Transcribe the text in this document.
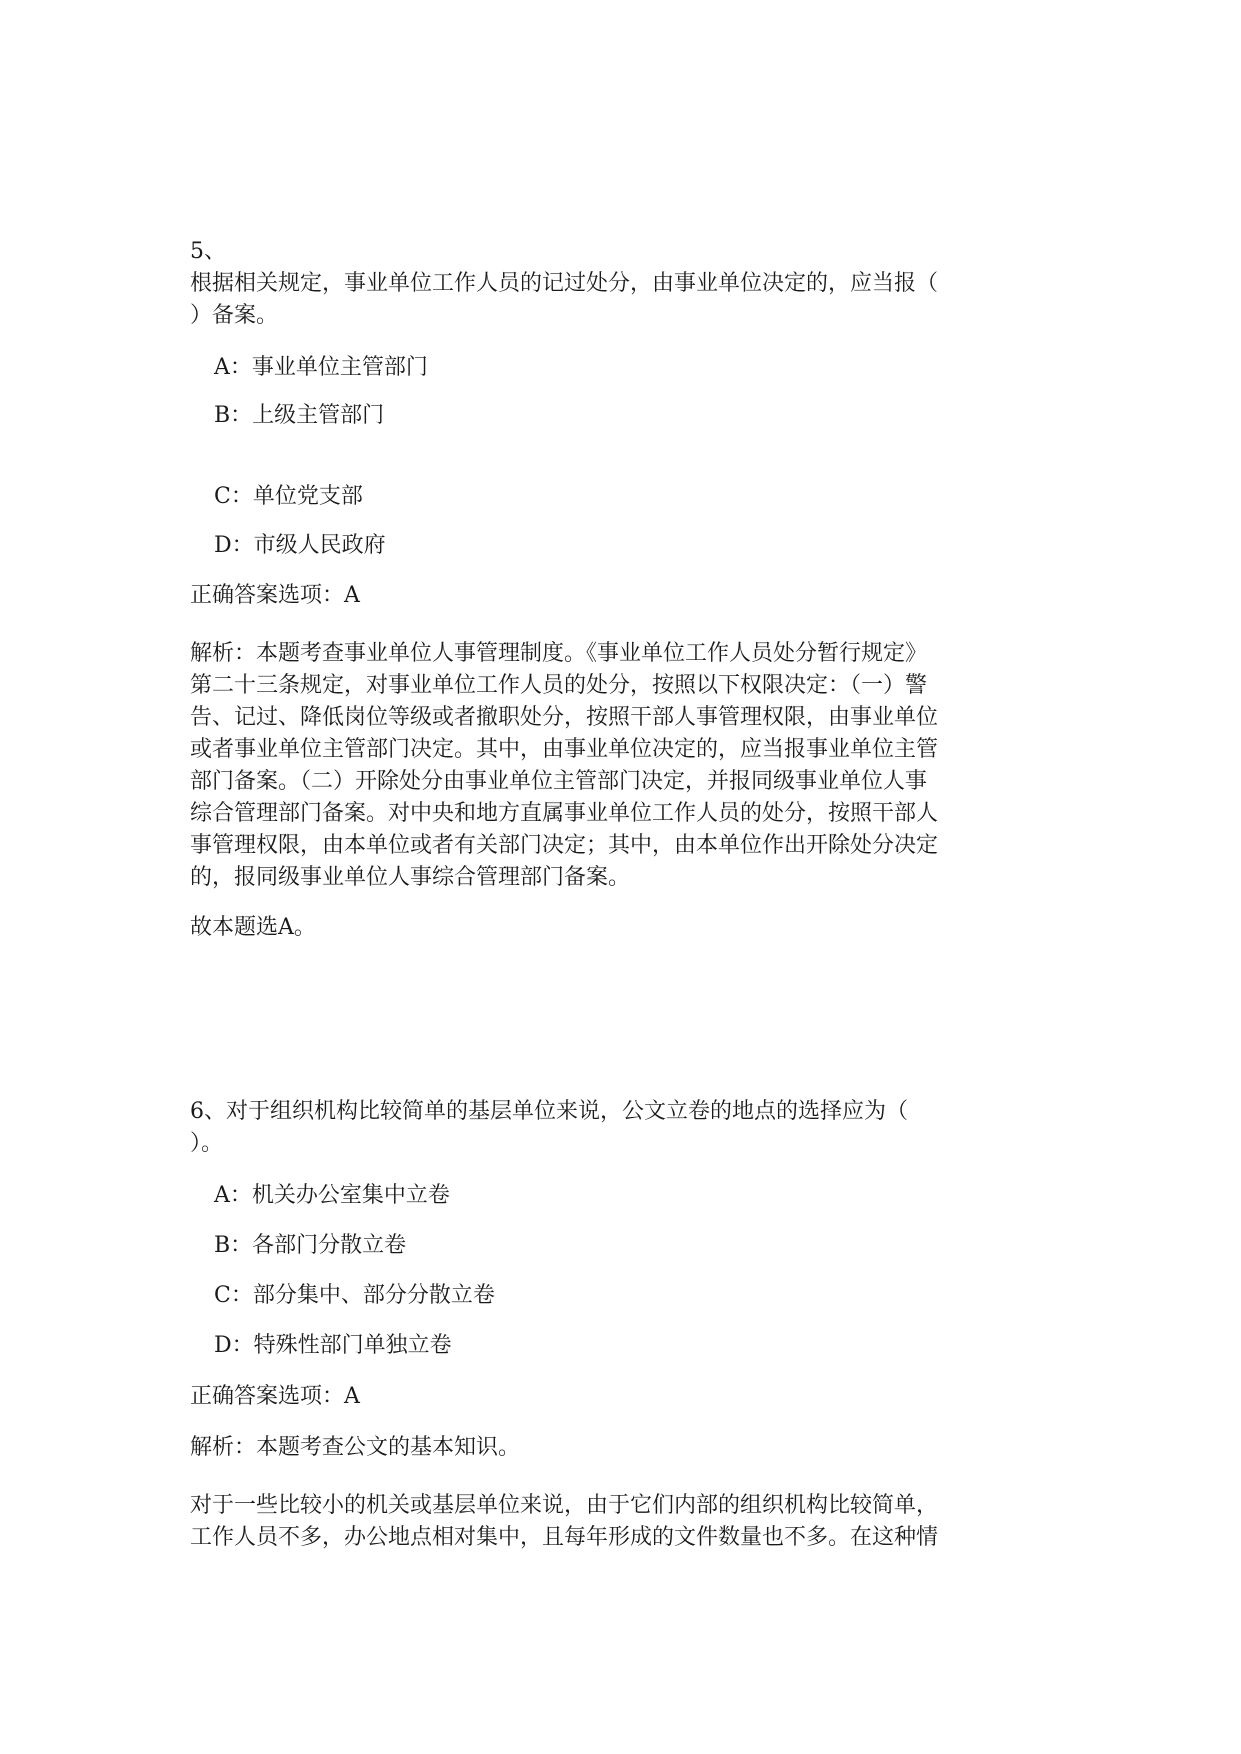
5、
根据相关规定，事业单位工作人员的记过处分，由事业单位决定的，应当报（
）备案。
A：事业单位主管部门
B：上级主管部门
C：单位党支部
D：市级人民政府
正确答案选项：A
解析：本题考查事业单位人事管理制度。《事业单位工作人员处分暂行规定》
第二十三条规定，对事业单位工作人员的处分，按照以下权限决定：（一）警
告、记过、降低岗位等级或者撤职处分，按照干部人事管理权限，由事业单位
或者事业单位主管部门决定。其中，由事业单位决定的，应当报事业单位主管
部门备案。（二）开除处分由事业单位主管部门决定，并报同级事业单位人事
综合管理部门备案。对中央和地方直属事业单位工作人员的处分，按照干部人
事管理权限，由本单位或者有关部门决定；其中，由本单位作出开除处分决定
的，报同级事业单位人事综合管理部门备案。
故本题选A。
6、对于组织机构比较简单的基层单位来说，公文立卷的地点的选择应为（
）。
A：机关办公室集中立卷
B：各部门分散立卷
C：部分集中、部分分散立卷
D：特殊性部门单独立卷
正确答案选项：A
解析：本题考查公文的基本知识。
对于一些比较小的机关或基层单位来说，由于它们内部的组织机构比较简单，
工作人员不多，办公地点相对集中，且每年形成的文件数量也不多。在这种情
